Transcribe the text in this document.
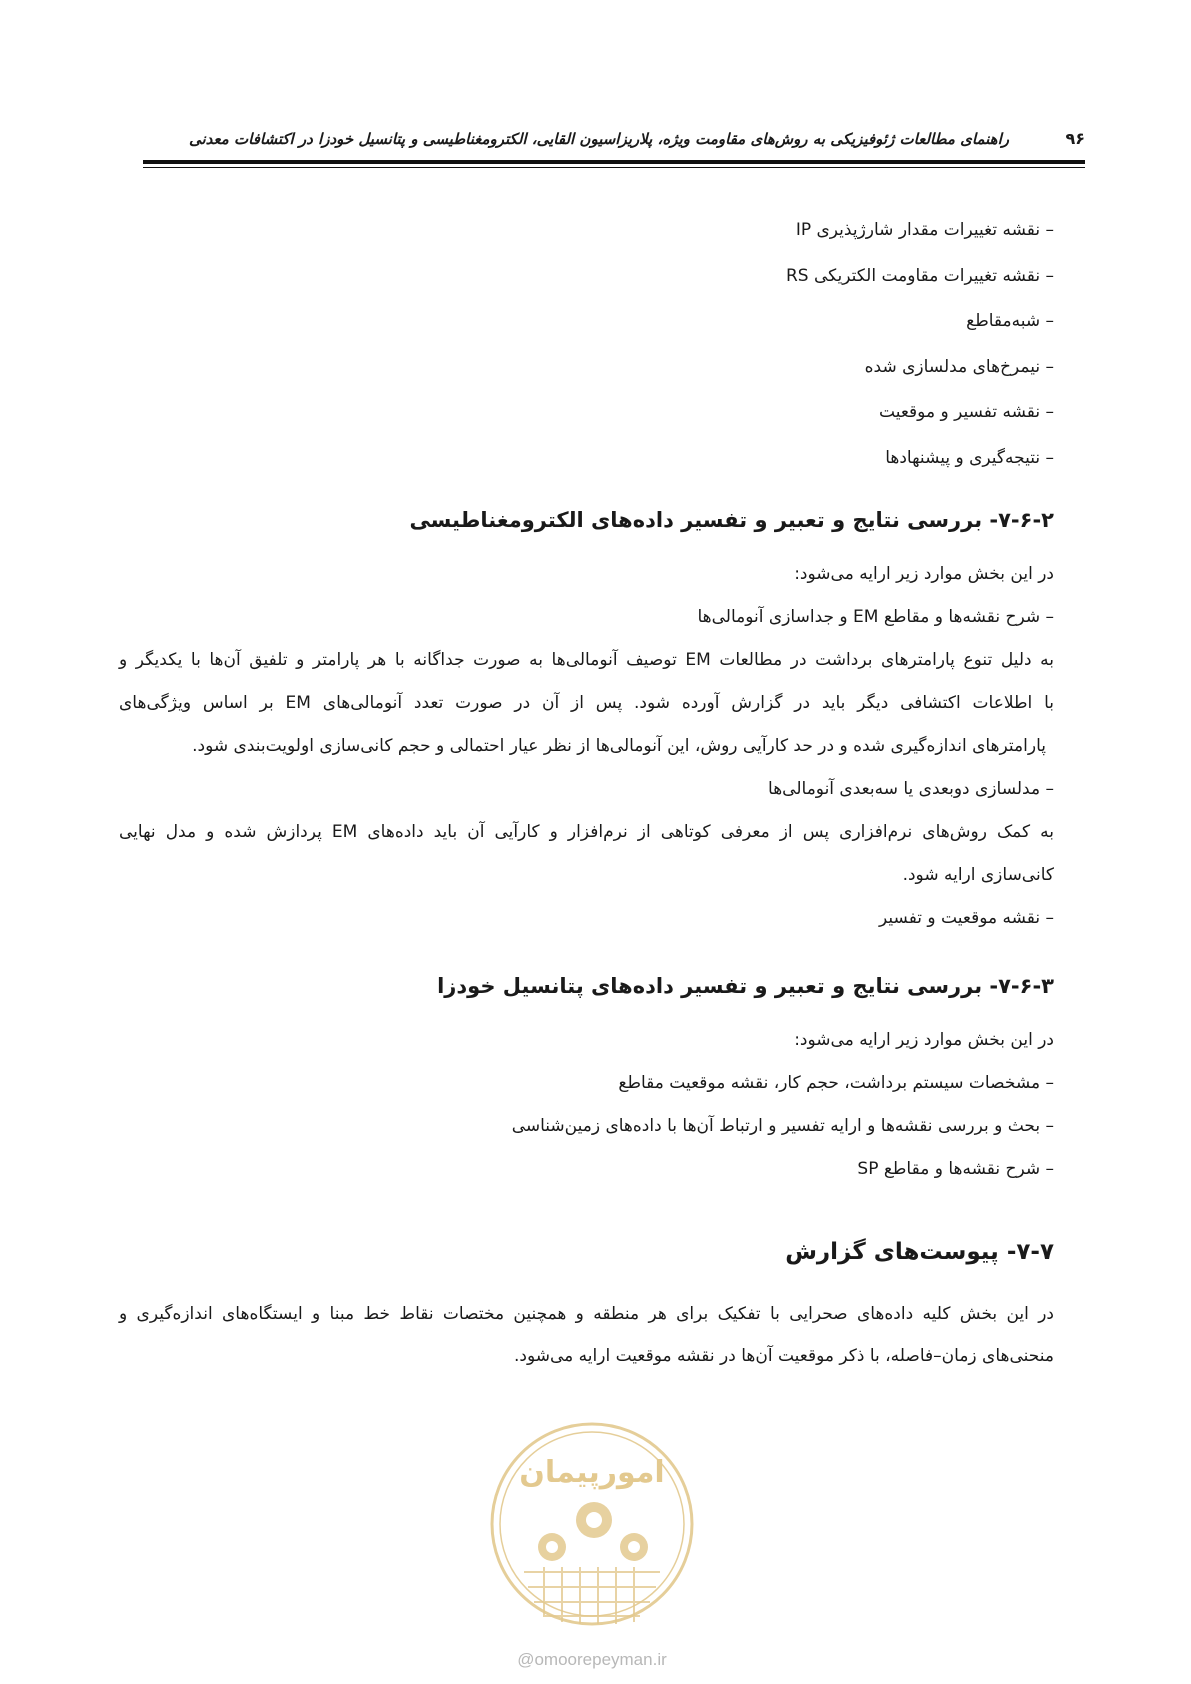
۹۶
راهنمای مطالعات ژئوفیزیکی به روش‌های مقاومت ویژه، پلاریزاسیون القایی، الکترومغناطیسی و پتانسیل خودزا در اکتشافات معدنی
– نقشه تغییرات مقدار شارژپذیری IP
– نقشه تغییرات مقاومت الکتریکی RS
– شبه‌مقاطع
– نیمرخ‌های مدلسازی شده
– نقشه تفسیر و موقعیت
– نتیجه‌گیری و پیشنهادها
۷-۶-۲- بررسی نتایج و تعبیر و تفسیر داده‌های الکترومغناطیسی
در این بخش موارد زیر ارایه می‌شود:
– شرح نقشه‌ها و مقاطع EM و جداسازی آنومالی‌ها
به دلیل تنوع پارامترهای برداشت در مطالعات EM توصیف آنومالی‌ها به صورت جداگانه با هر پارامتر و تلفیق آن‌ها با یکدیگر و
با اطلاعات اکتشافی دیگر باید در گزارش آورده شود. پس از آن در صورت تعدد آنومالی‌های EM بر اساس ویژگی‌های
پارامترهای اندازه‌گیری شده و در حد کارآیی روش، این آنومالی‌ها از نظر عیار احتمالی و حجم کانی‌سازی اولویت‌بندی شود.
– مدلسازی دوبعدی یا سه‌بعدی آنومالی‌ها
به کمک روش‌های نرم‌افزاری پس از معرفی کوتاهی از نرم‌افزار و کارآیی آن باید داده‌های EM پردازش شده و مدل نهایی
کانی‌سازی ارایه شود.
– نقشه موقعیت و تفسیر
۷-۶-۳- بررسی نتایج و تعبیر و تفسیر داده‌های پتانسیل خودزا
در این بخش موارد زیر ارایه می‌شود:
– مشخصات سیستم برداشت، حجم کار، نقشه موقعیت مقاطع
– بحث و بررسی نقشه‌ها و ارایه تفسیر و ارتباط آن‌ها با داده‌های زمین‌شناسی
– شرح نقشه‌ها و مقاطع SP
۷-۷- پیوست‌های گزارش
در این بخش کلیه داده‌های صحرایی با تفکیک برای هر منطقه و همچنین مختصات نقاط خط مبنا و ایستگاه‌های اندازه‌گیری و
منحنی‌های زمان–فاصله، با ذکر موقعیت آن‌ها در نقشه موقعیت ارایه می‌شود.
امورپیمان
@omoorepeyman.ir
